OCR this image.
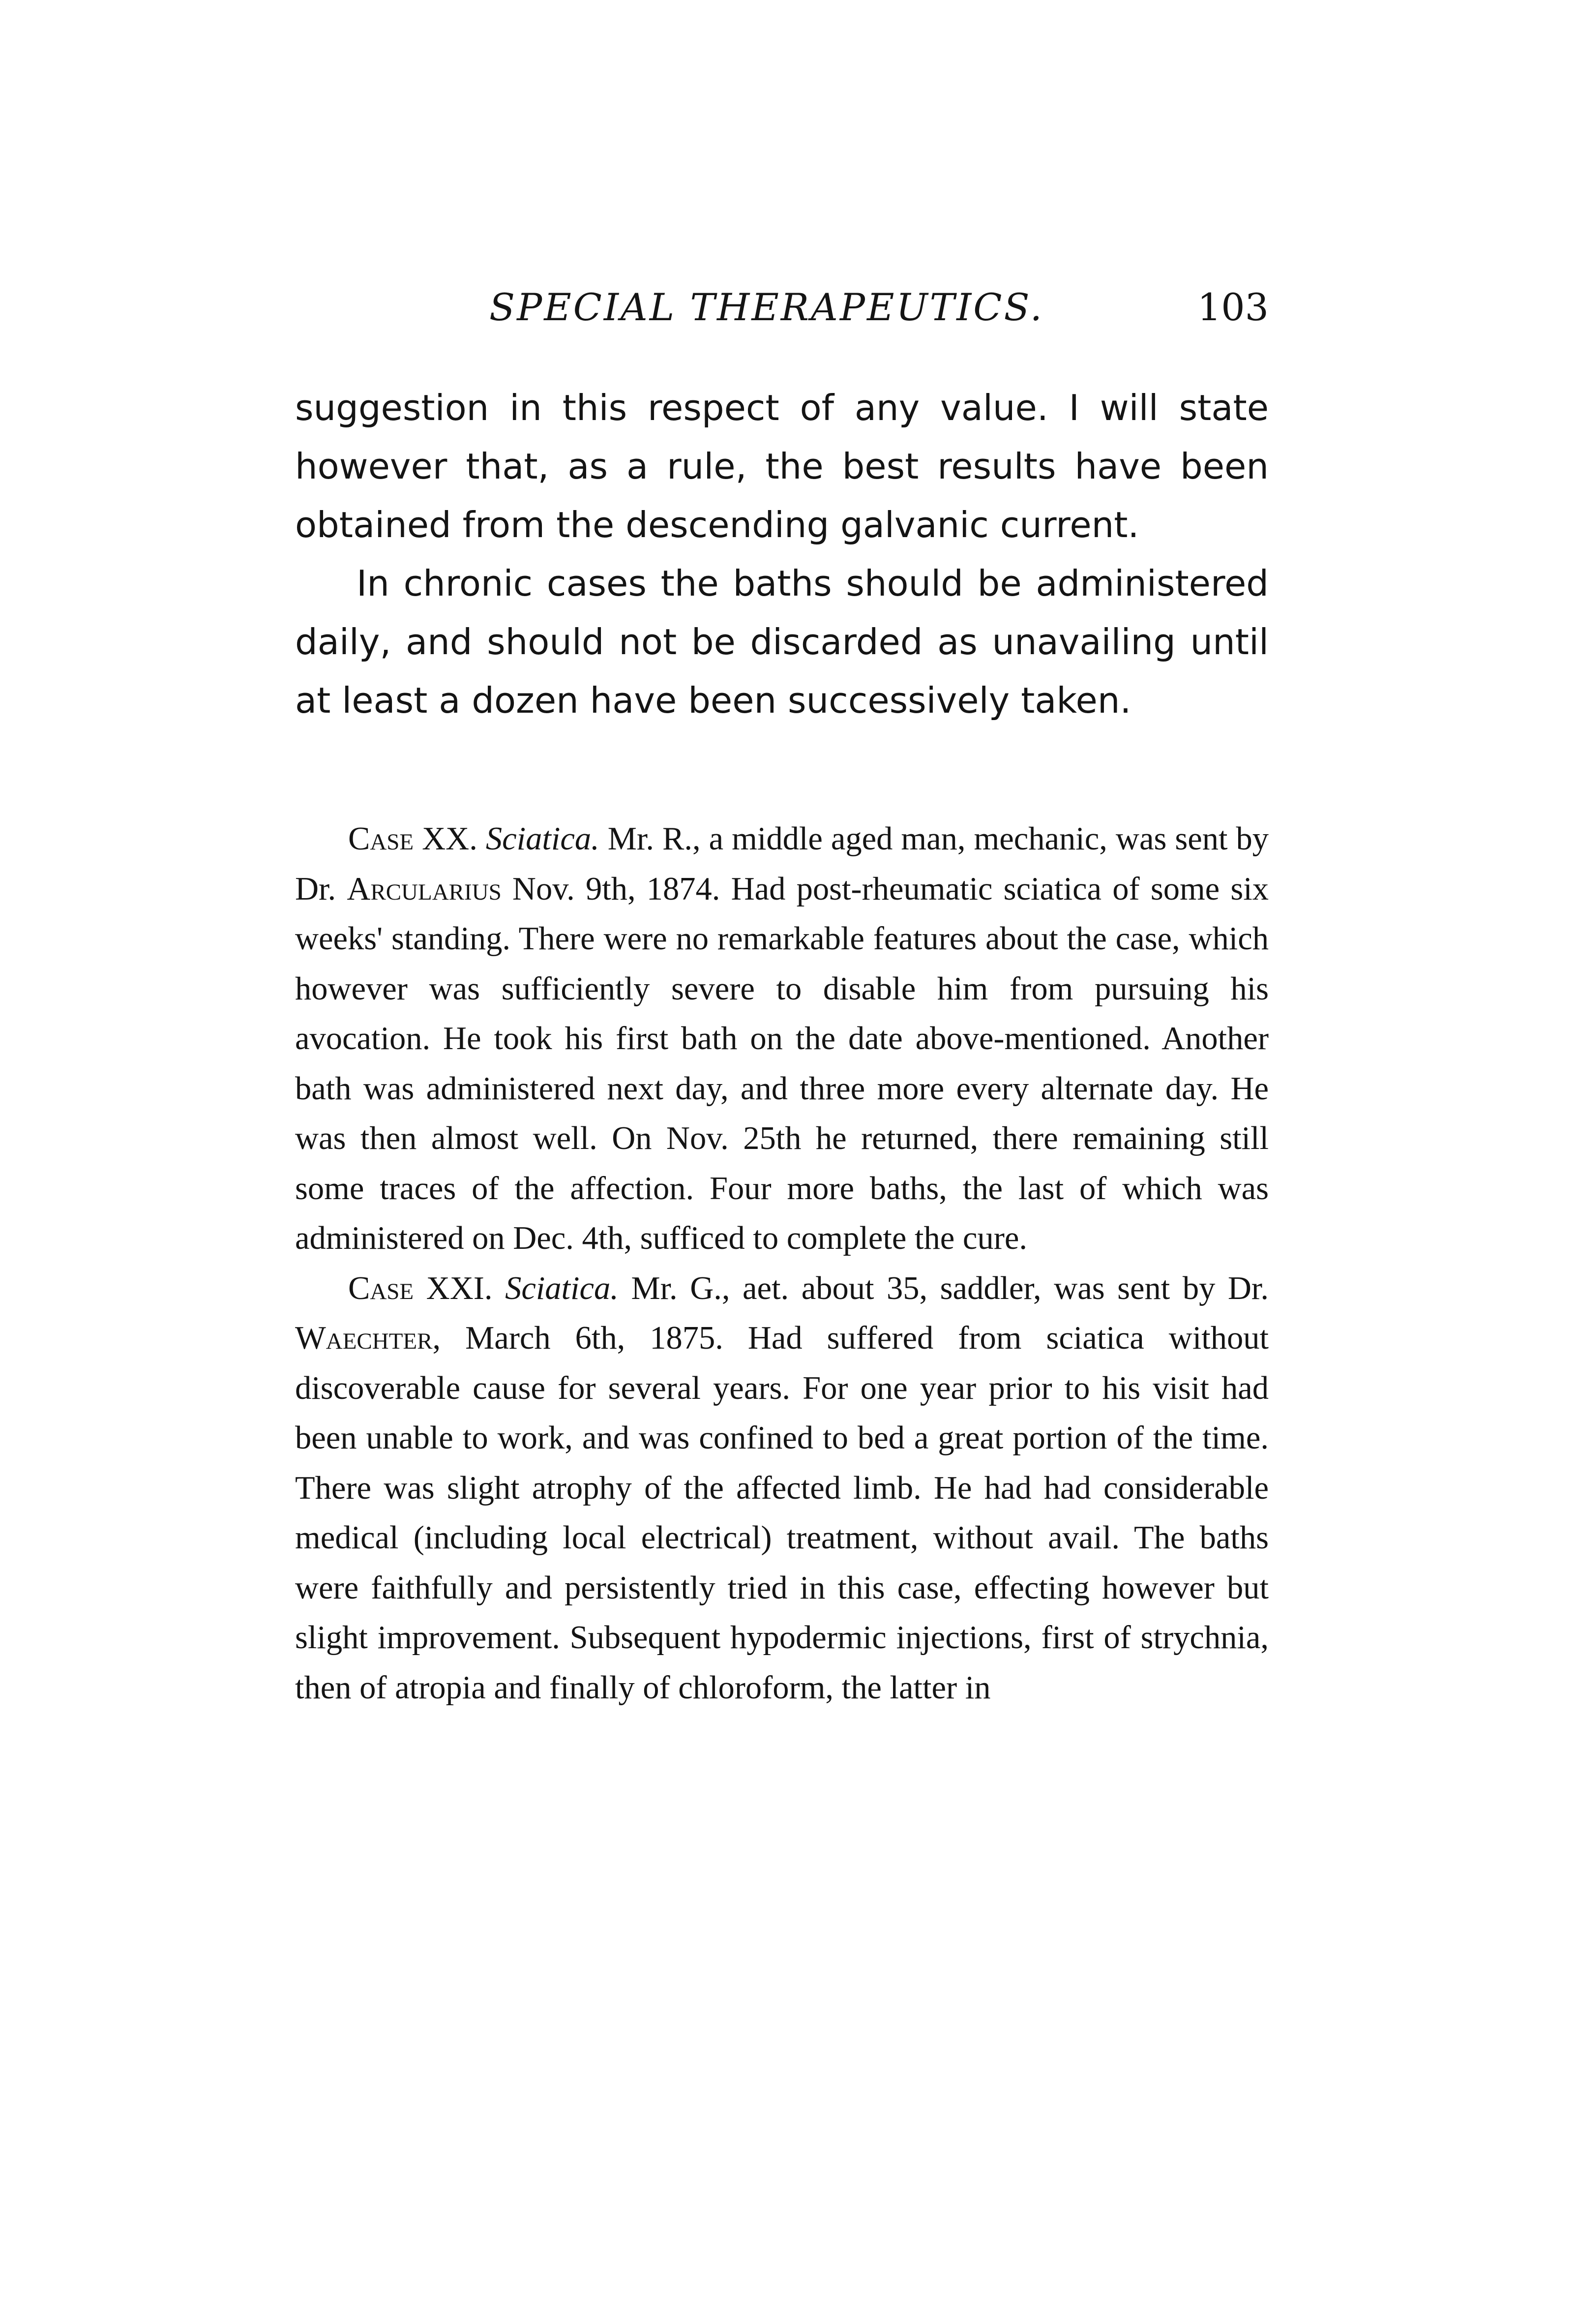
SPECIAL THERAPEUTICS.	103

suggestion in this respect of any value. I will state however that, as a rule, the best results have been obtained from the descending galvanic current.

In chronic cases the baths should be administered daily, and should not be discarded as unavailing until at least a dozen have been successively taken.

Case XX. Sciatica. Mr. R., a middle aged man, mechanic, was sent by Dr. Arcularius Nov. 9th, 1874. Had post-rheumatic sciatica of some six weeks' standing. There were no remarkable features about the case, which however was sufficiently severe to disable him from pursuing his avocation. He took his first bath on the date above-mentioned. Another bath was administered next day, and three more every alternate day. He was then almost well. On Nov. 25th he returned, there remaining still some traces of the affection. Four more baths, the last of which was administered on Dec. 4th, sufficed to complete the cure.

Case XXI. Sciatica. Mr. G., aet. about 35, saddler, was sent by Dr. Waechter, March 6th, 1875. Had suffered from sciatica without discoverable cause for several years. For one year prior to his visit had been unable to work, and was confined to bed a great portion of the time. There was slight atrophy of the affected limb. He had had considerable medical (including local electrical) treatment, without avail. The baths were faithfully and persistently tried in this case, effecting however but slight improvement. Subsequent hypodermic injections, first of strychnia, then of atropia and finally of chloroform, the latter in
